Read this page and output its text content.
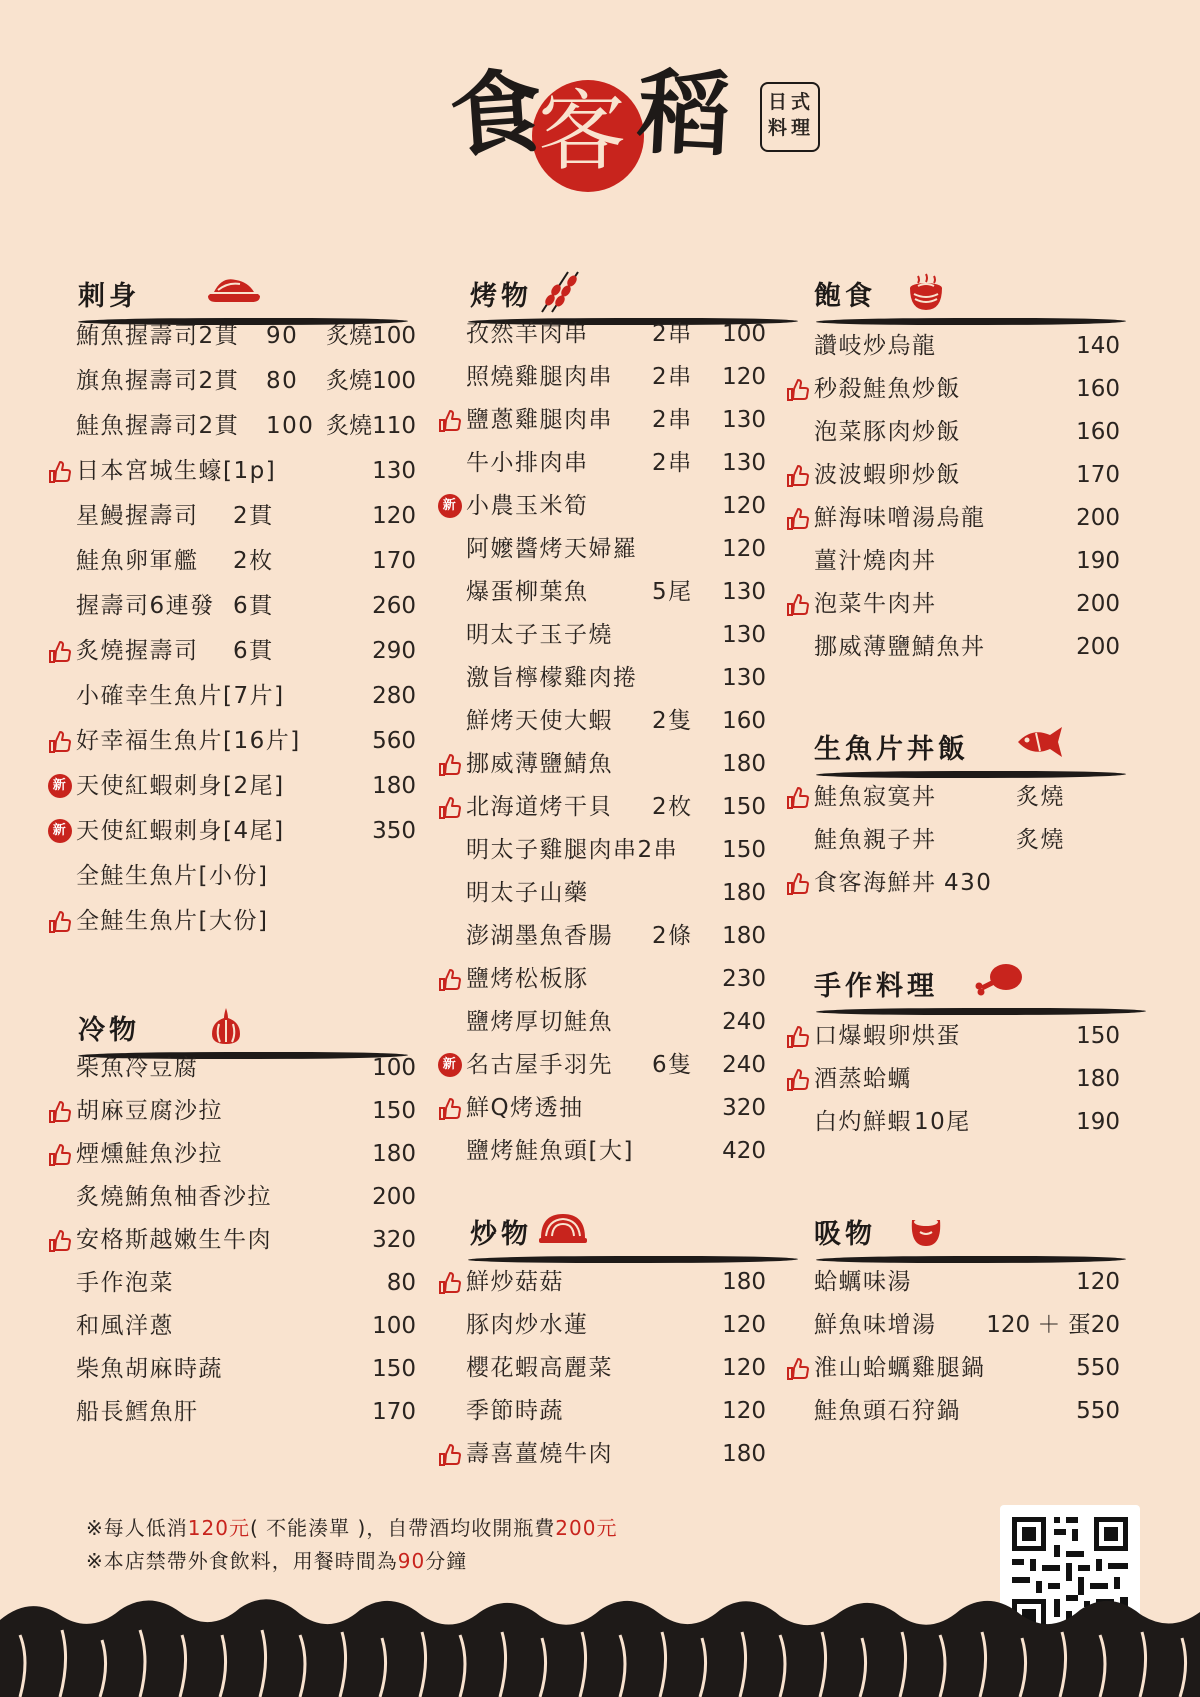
食
客 稻 日 式
料 理
刺身
鮪魚握壽司2貫 90 炙燒100
旗魚握壽司2貫 80 炙燒100
鮭魚握壽司2貫 100 炙燒110
日本宮城生蠔[1p]	130
星鰻握壽司 2貫	120
鮭魚卵軍艦 2枚	170
握壽司6連發 6貫	260
炙燒握壽司 6貫	290
小確幸生魚片[7片]	280
好幸福生魚片[16片]	560
新 天使紅蝦刺身[2尾]	180
新 天使紅蝦刺身[4尾]	350
全鮭生魚片[小份]
全鮭生魚片[大份]
冷物
柴魚冷豆腐	100
胡麻豆腐沙拉	150
煙燻鮭魚沙拉	180
炙燒鮪魚柚香沙拉	200
安格斯越嫩生牛肉	320
手作泡菜	80
和風洋蔥	100
柴魚胡麻時蔬	150
船長鱈魚肝	170
烤物
孜然羊肉串	2串 100
照燒雞腿肉串 2串 120
鹽蔥雞腿肉串 2串 130
牛小排肉串	2串 130
新 小農玉米筍	120
阿嬤醬烤天婦羅	120
爆蛋柳葉魚	5尾 130
明太子玉子燒	130
激旨檸檬雞肉捲	130
鮮烤天使大蝦 2隻 160
挪威薄鹽鯖魚	180
北海道烤干貝 2枚 150
明太子雞腿肉串2串 150
明太子山藥	180
澎湖墨魚香腸 2條 180
鹽烤松板豚	230
鹽烤厚切鮭魚	240
新 名古屋手羽先 6隻 240
鮮Q烤透抽	320
鹽烤鮭魚頭[大]	420
炒物
鮮炒菇菇	180
豚肉炒水蓮	120
櫻花蝦高麗菜	120
季節時蔬	120
壽喜薑燒牛肉	180
飽食
讚岐炒烏龍	140
秒殺鮭魚炒飯	160
泡菜豚肉炒飯	160
波波蝦卵炒飯	170
鮮海味噌湯烏龍	200
薑汁燒肉丼	190
泡菜牛肉丼	200
挪威薄鹽鯖魚丼	200
生魚片丼飯
鮭魚寂寞丼	炙燒
鮭魚親子丼	炙燒
食客海鮮丼 430
手作料理
口爆蝦卵烘蛋	150
酒蒸蛤蠣	180
白灼鮮蝦 10尾	190
吸物
蛤蠣味湯	120
鮮魚味增湯 120 ＋ 蛋20
淮山蛤蠣雞腿鍋	550
鮭魚頭石狩鍋	550
※每人低消120元( 不能湊單 )，自帶酒均收開瓶費200元
※本店禁帶外食飲料，用餐時間為90分鐘
